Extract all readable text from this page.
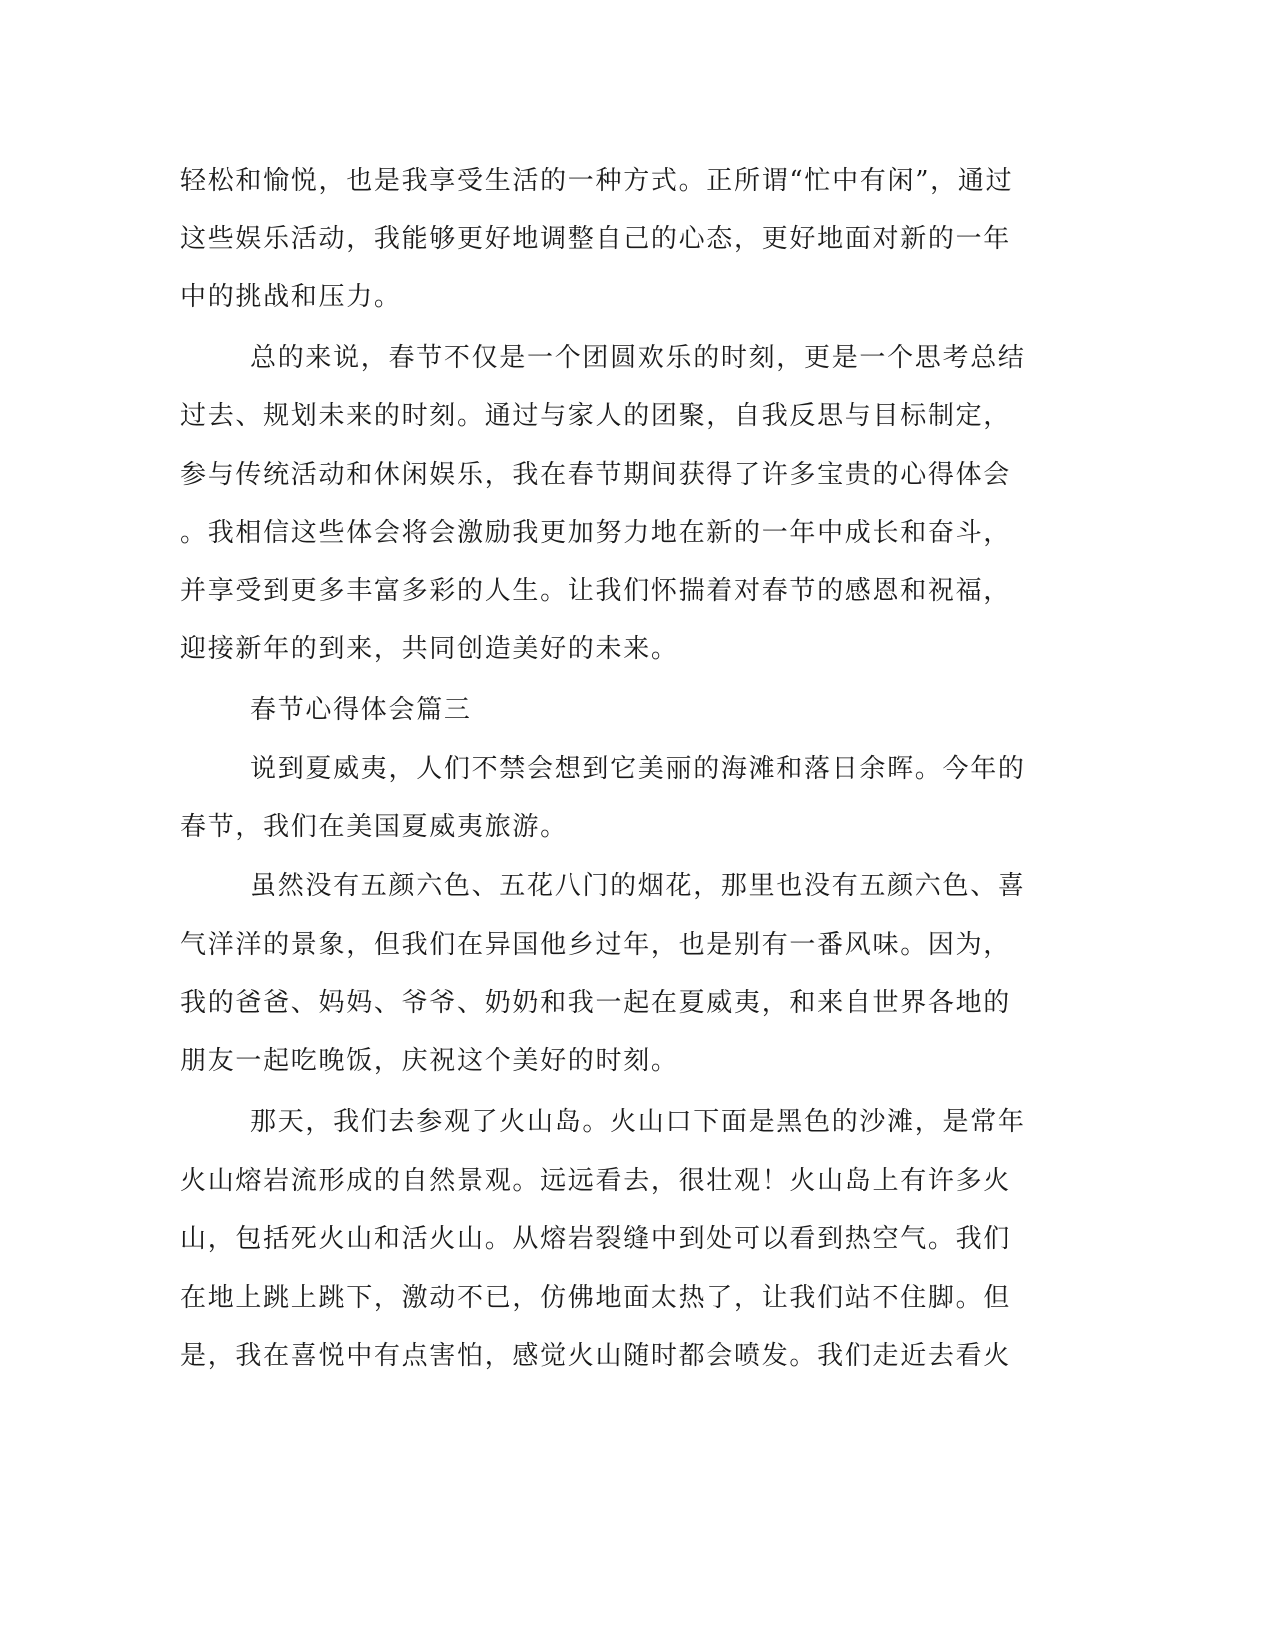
轻松和愉悦，也是我享受生活的一种方式。正所谓“忙中有闲”，通过
这些娱乐活动，我能够更好地调整自己的心态，更好地面对新的一年
中的挑战和压力。
总的来说，春节不仅是一个团圆欢乐的时刻，更是一个思考总结
过去、规划未来的时刻。通过与家人的团聚，自我反思与目标制定，
参与传统活动和休闲娱乐，我在春节期间获得了许多宝贵的心得体会
。我相信这些体会将会激励我更加努力地在新的一年中成长和奋斗，
并享受到更多丰富多彩的人生。让我们怀揣着对春节的感恩和祝福，
迎接新年的到来，共同创造美好的未来。
春节心得体会篇三
说到夏威夷，人们不禁会想到它美丽的海滩和落日余晖。今年的
春节，我们在美国夏威夷旅游。
虽然没有五颜六色、五花八门的烟花，那里也没有五颜六色、喜
气洋洋的景象，但我们在异国他乡过年，也是别有一番风味。因为，
我的爸爸、妈妈、爷爷、奶奶和我一起在夏威夷，和来自世界各地的
朋友一起吃晚饭，庆祝这个美好的时刻。
那天，我们去参观了火山岛。火山口下面是黑色的沙滩，是常年
火山熔岩流形成的自然景观。远远看去，很壮观！火山岛上有许多火
山，包括死火山和活火山。从熔岩裂缝中到处可以看到热空气。我们
在地上跳上跳下，激动不已，仿佛地面太热了，让我们站不住脚。但
是，我在喜悦中有点害怕，感觉火山随时都会喷发。我们走近去看火
